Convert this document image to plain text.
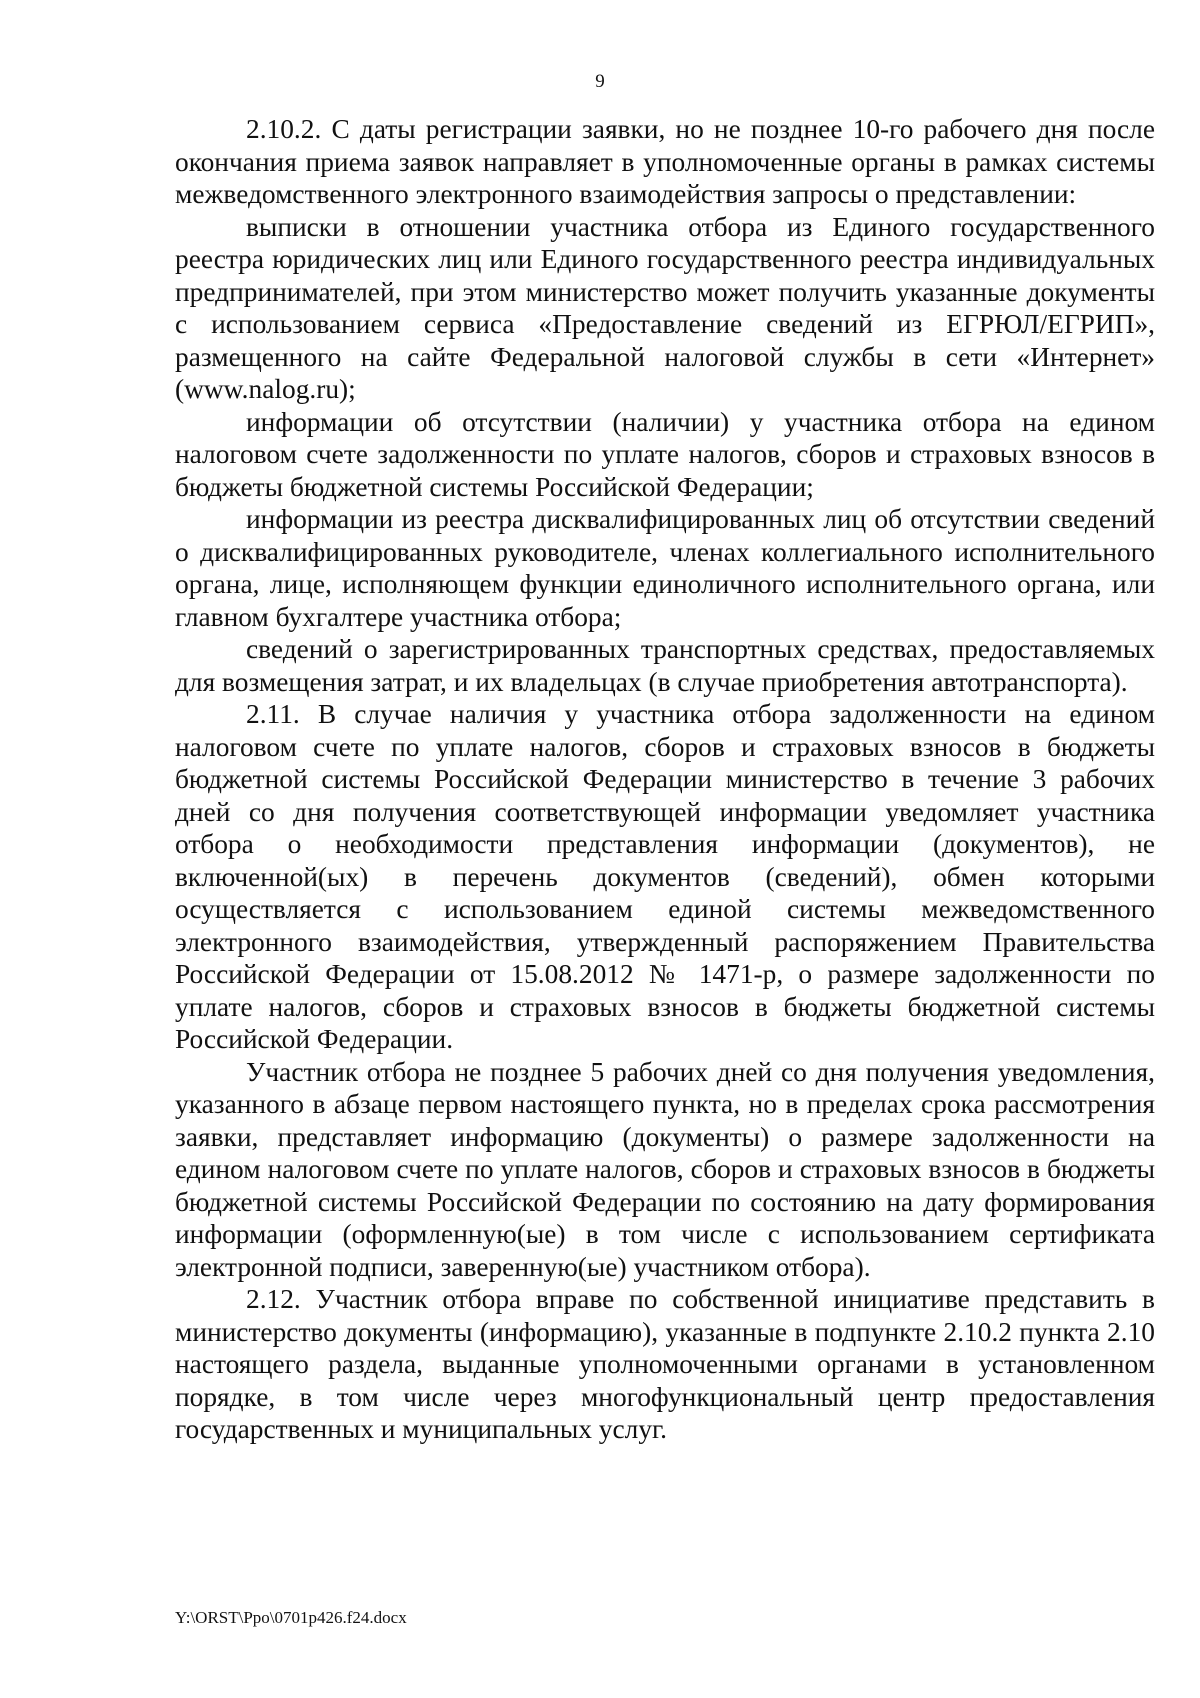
9

2.10.2. С даты регистрации заявки, но не позднее 10-го рабочего дня после окончания приема заявок направляет в уполномоченные органы в рамках системы межведомственного электронного взаимодействия запросы о представлении:

выписки в отношении участника отбора из Единого государственного реестра юридических лиц или Единого государственного реестра индивидуальных предпринимателей, при этом министерство может получить указанные документы с использованием сервиса «Предоставление сведений из ЕГРЮЛ/ЕГРИП», размещенного на сайте Федеральной налоговой службы в сети «Интернет» (www.nalog.ru);

информации об отсутствии (наличии) у участника отбора на едином налоговом счете задолженности по уплате налогов, сборов и страховых взносов в бюджеты бюджетной системы Российской Федерации;

информации из реестра дисквалифицированных лиц об отсутствии сведений о дисквалифицированных руководителе, членах коллегиального исполнительного органа, лице, исполняющем функции единоличного исполнительного органа, или главном бухгалтере участника отбора;

сведений о зарегистрированных транспортных средствах, предоставляемых для возмещения затрат, и их владельцах (в случае приобретения автотранспорта).

2.11. В случае наличия у участника отбора задолженности на едином налоговом счете по уплате налогов, сборов и страховых взносов в бюджеты бюджетной системы Российской Федерации министерство в течение 3 рабочих дней со дня получения соответствующей информации уведомляет участника отбора о необходимости представления информации (документов), не включенной(ых) в перечень документов (сведений), обмен которыми осуществляется с использованием единой системы межведомственного электронного взаимодействия, утвержденный распоряжением Правительства Российской Федерации от 15.08.2012 № 1471-р, о размере задолженности по уплате налогов, сборов и страховых взносов в бюджеты бюджетной системы Российской Федерации.

Участник отбора не позднее 5 рабочих дней со дня получения уведомления, указанного в абзаце первом настоящего пункта, но в пределах срока рассмотрения заявки, представляет информацию (документы) о размере задолженности на едином налоговом счете по уплате налогов, сборов и страховых взносов в бюджеты бюджетной системы Российской Федерации по состоянию на дату формирования информации (оформленную(ые) в том числе с использованием сертификата электронной подписи, заверенную(ые) участником отбора).

2.12. Участник отбора вправе по собственной инициативе представить в министерство документы (информацию), указанные в подпункте 2.10.2 пункта 2.10 настоящего раздела, выданные уполномоченными органами в установленном порядке, в том числе через многофункциональный центр предоставления государственных и муниципальных услуг.

Y:\ORST\Ppo\0701p426.f24.docx
